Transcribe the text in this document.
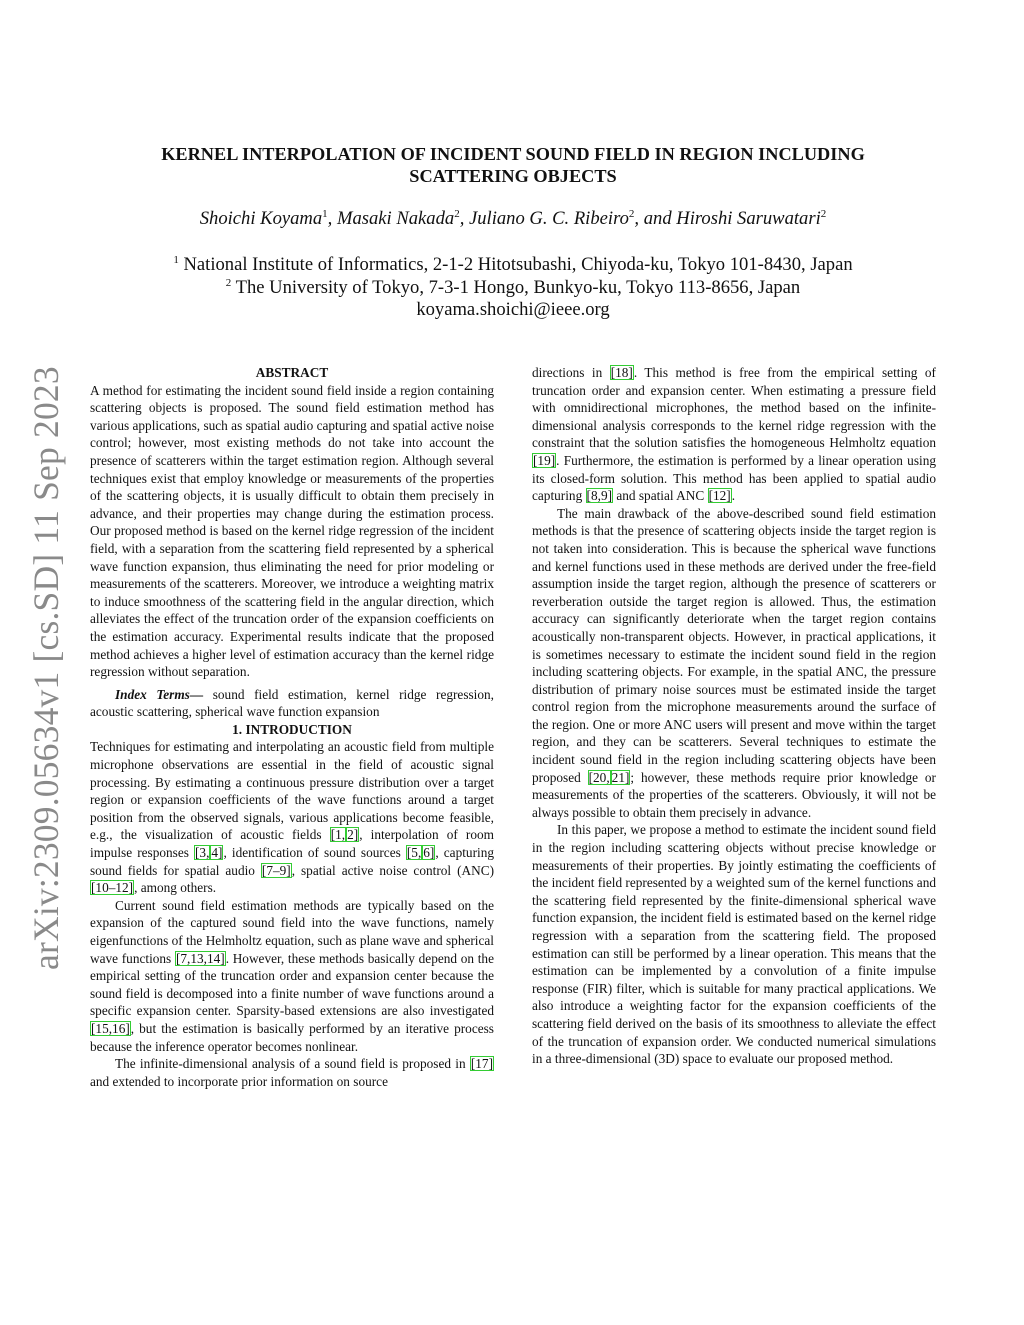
arXiv:2309.05634v1 [cs.SD] 11 Sep 2023
KERNEL INTERPOLATION OF INCIDENT SOUND FIELD IN REGION INCLUDING
SCATTERING OBJECTS
Shoichi Koyama$^1$, Masaki Nakada$^2$, Juliano G. C. Ribeiro$^2$, and Hiroshi Saruwatari$^2$
$^1$ National Institute of Informatics, 2-1-2 Hitotsubashi, Chiyoda-ku, Tokyo 101-8430, Japan
$^2$ The University of Tokyo, 7-3-1 Hongo, Bunkyo-ku, Tokyo 113-8656, Japan
koyama.shoichi@ieee.org

ABSTRACT

A method for estimating the incident sound field inside a region containing scattering objects is proposed. The sound field estimation method has various applications, such as spatial audio capturing and spatial active noise control; however, most existing methods do not take into account the presence of scatterers within the target estimation region. Although several techniques exist that employ knowledge or measurements of the properties of the scattering objects, it is usually difficult to obtain them precisely in advance, and their properties may change during the estimation process. Our proposed method is based on the kernel ridge regression of the incident field, with a separation from the scattering field represented by a spherical wave function expansion, thus eliminating the need for prior modeling or measurements of the scatterers. Moreover, we introduce a weighting matrix to induce smoothness of the scattering field in the angular direction, which alleviates the effect of the truncation order of the expansion coefficients on the estimation accuracy. Experimental results indicate that the proposed method achieves a higher level of estimation accuracy than the kernel ridge regression without separation.

Index Terms— sound field estimation, kernel ridge regression, acoustic scattering, spherical wave function expansion

1. INTRODUCTION

Techniques for estimating and interpolating an acoustic field from multiple microphone observations are essential in the field of acoustic signal processing. By estimating a continuous pressure distribution over a target region or expansion coefficients of the wave functions around a target position from the observed signals, various applications become feasible, e.g., the visualization of acoustic fields [1, 2], interpolation of room impulse responses [3, 4], identification of sound sources [5, 6], capturing sound fields for spatial audio [7–9], spatial active noise control (ANC) [10–12], among others.

Current sound field estimation methods are typically based on the expansion of the captured sound field into the wave functions, namely eigenfunctions of the Helmholtz equation, such as plane wave and spherical wave functions [7,13,14]. However, these methods basically depend on the empirical setting of the truncation order and expansion center because the sound field is decomposed into a finite number of wave functions around a specific expansion center. Sparsity-based extensions are also investigated [15,16], but the estimation is basically performed by an iterative process because the inference operator becomes nonlinear.

The infinite-dimensional analysis of a sound field is proposed in [17] and extended to incorporate prior information on source

directions in [18]. This method is free from the empirical setting of truncation order and expansion center. When estimating a pressure field with omnidirectional microphones, the method based on the infinite-dimensional analysis corresponds to the kernel ridge regression with the constraint that the solution satisfies the homogeneous Helmholtz equation [19]. Furthermore, the estimation is performed by a linear operation using its closed-form solution. This method has been applied to spatial audio capturing [8,9] and spatial ANC [12].

The main drawback of the above-described sound field estimation methods is that the presence of scattering objects inside the target region is not taken into consideration. This is because the spherical wave functions and kernel functions used in these methods are derived under the free-field assumption inside the target region, although the presence of scatterers or reverberation outside the target region is allowed. Thus, the estimation accuracy can significantly deteriorate when the target region contains acoustically non-transparent objects. However, in practical applications, it is sometimes necessary to estimate the incident sound field in the region including scattering objects. For example, in the spatial ANC, the pressure distribution of primary noise sources must be estimated inside the target control region from the microphone measurements around the surface of the region. One or more ANC users will present and move within the target region, and they can be scatterers. Several techniques to estimate the incident sound field in the region including scattering objects have been proposed [20, 21]; however, these methods require prior knowledge or measurements of the properties of the scatterers. Obviously, it will not be always possible to obtain them precisely in advance.

In this paper, we propose a method to estimate the incident sound field in the region including scattering objects without precise knowledge or measurements of their properties. By jointly estimating the coefficients of the incident field represented by a weighted sum of the kernel functions and the scattering field represented by the finite-dimensional spherical wave function expansion, the incident field is estimated based on the kernel ridge regression with a separation from the scattering field. The proposed estimation can still be performed by a linear operation. This means that the estimation can be implemented by a convolution of a finite impulse response (FIR) filter, which is suitable for many practical applications. We also introduce a weighting factor for the expansion coefficients of the scattering field derived on the basis of its smoothness to alleviate the effect of the truncation of expansion order. We conducted numerical simulations in a three-dimensional (3D) space to evaluate our proposed method.
